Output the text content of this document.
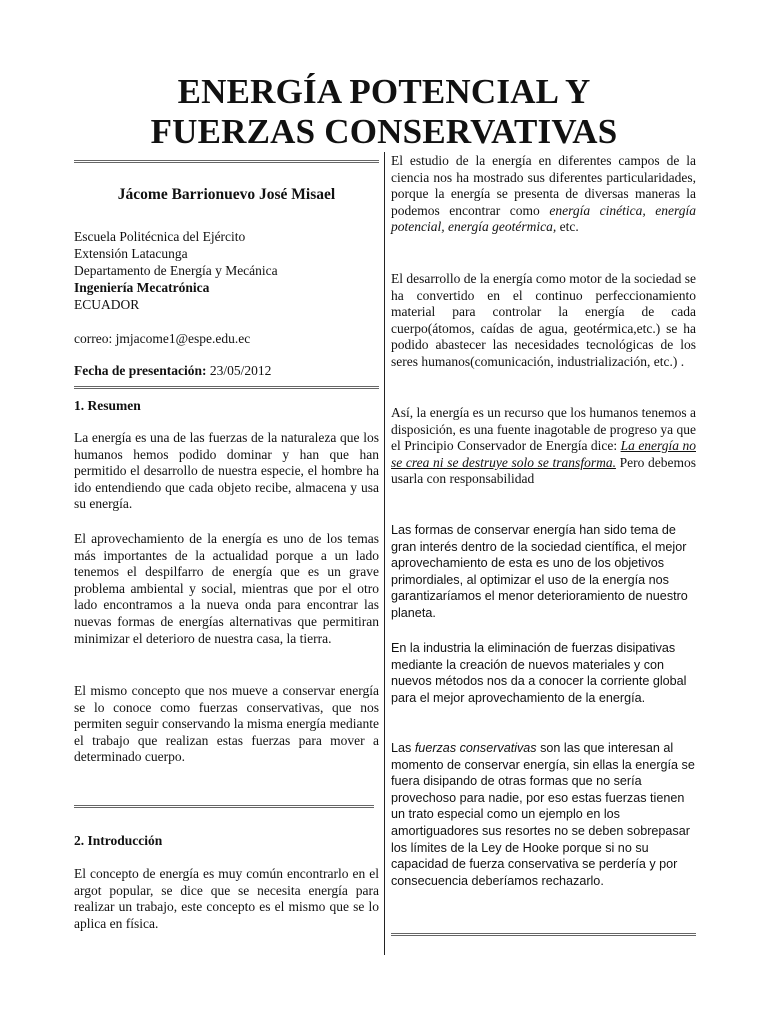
ENERGÍA POTENCIAL Y
FUERZAS CONSERVATIVAS
Jácome Barrionuevo José Misael
Escuela Politécnica del Ejército
Extensión Latacunga
Departamento de Energía y Mecánica
Ingeniería Mecatrónica
ECUADOR
correo: jmjacome1@espe.edu.ec
Fecha de presentación: 23/05/2012
1. Resumen

La energía es una de las fuerzas de la naturaleza que los humanos hemos podido dominar y han que han permitido el desarrollo de nuestra especie, el hombre ha ido entendiendo que cada objeto recibe, almacena y usa su energía.

El aprovechamiento de la energía es uno de los temas más importantes de la actualidad porque a un lado tenemos el despilfarro de energía que es un grave problema ambiental y social, mientras que por el otro lado encontramos a la nueva onda para encontrar las nuevas formas de energías alternativas que permitiran minimizar el deterioro de nuestra casa, la tierra.

El mismo concepto que nos mueve a conservar energía se lo conoce como fuerzas conservativas, que nos permiten seguir conservando la misma energía mediante el trabajo que realizan estas fuerzas para mover a determinado cuerpo.

2. Introducción

El concepto de energía es muy común encontrarlo en el argot popular, se dice que se necesita energía para realizar un trabajo, este concepto es el mismo que se lo aplica en física.

El estudio de la energía en diferentes campos de la ciencia nos ha mostrado sus diferentes particularidades, porque la energía se presenta de diversas maneras la podemos encontrar como energía cinética, energía potencial, energía geotérmica, etc.

El desarrollo de la energía como motor de la sociedad se ha convertido en el continuo perfeccionamiento material para controlar la energía de cada cuerpo(átomos, caídas de agua, geotérmica,etc.) se ha podido abastecer las necesidades tecnológicas de los seres humanos(comunicación, industrialización, etc.) .

Así, la energía es un recurso que los humanos tenemos a disposición, es una fuente inagotable de progreso ya que el Principio Conservador de Energía dice: La energía no se crea ni se destruye solo se transforma. Pero debemos usarla con responsabilidad

Las formas de conservar energía han sido tema de gran interés dentro de la sociedad científica, el mejor aprovechamiento de esta es uno de los objetivos primordiales, al optimizar el uso de la energía nos garantizaríamos el menor deterioramiento de nuestro planeta.

En la industria la eliminación de fuerzas disipativas mediante la creación de nuevos materiales y con nuevos métodos nos da a conocer la corriente global para el mejor aprovechamiento de la energía.

Las fuerzas conservativas son las que interesan al momento de conservar energía, sin ellas la energía se fuera disipando de otras formas que no sería provechoso para nadie, por eso estas fuerzas tienen un trato especial como un ejemplo en los amortiguadores sus resortes no se deben sobrepasar los límites de la Ley de Hooke porque si no su capacidad de fuerza conservativa se perdería y por consecuencia deberíamos rechazarlo.
